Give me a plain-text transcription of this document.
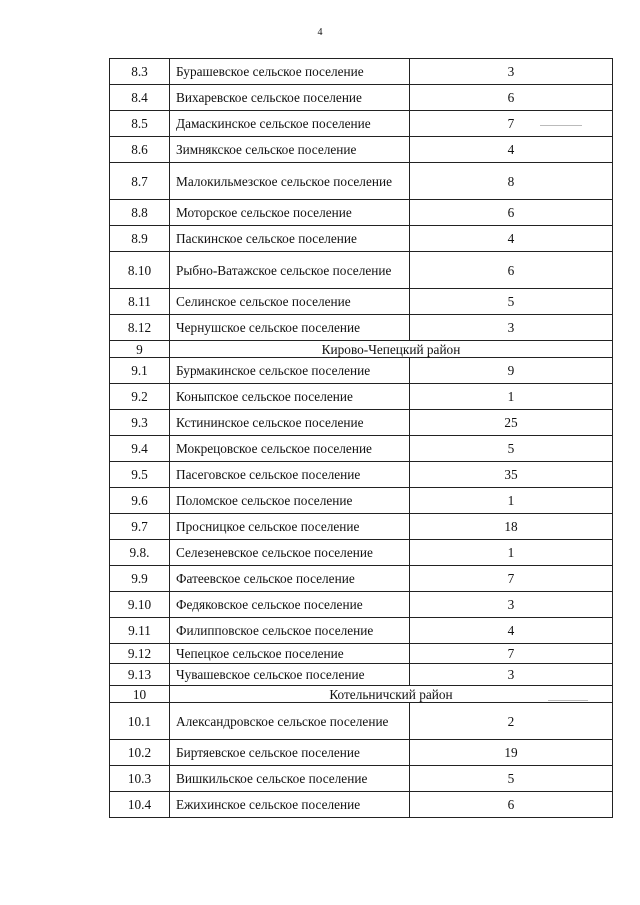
4
8.3	Бурашевское сельское поселение	3
8.4	Вихаревское сельское поселение	6
8.5	Дамаскинское сельское поселение	7
8.6	Зимнякское сельское поселение	4
8.7	Малокильмезское сельское поселение	8
8.8	Моторское сельское поселение	6
8.9	Паскинское сельское поселение	4
8.10	Рыбно-Ватажское сельское поселение	6
8.11	Селинское сельское поселение	5
8.12	Чернушское сельское поселение	3
9	Кирово-Чепецкий район	
9.1	Бурмакинское сельское поселение	9
9.2	Коныпское сельское поселение	1
9.3	Кстининское сельское поселение	25
9.4	Мокрецовское сельское поселение	5
9.5	Пасеговское сельское поселение	35
9.6	Поломское сельское поселение	1
9.7	Просницкое сельское поселение	18
9.8.	Селезеневское сельское поселение	1
9.9	Фатеевское сельское поселение	7
9.10	Федяковское сельское поселение	3
9.11	Филипповское сельское поселение	4
9.12	Чепецкое сельское поселение	7
9.13	Чувашевское сельское поселение	3
10	Котельничский район	
10.1	Александровское сельское поселение	2
10.2	Биртяевское сельское поселение	19
10.3	Вишкильское сельское поселение	5
10.4	Ежихинское сельское поселение	6
